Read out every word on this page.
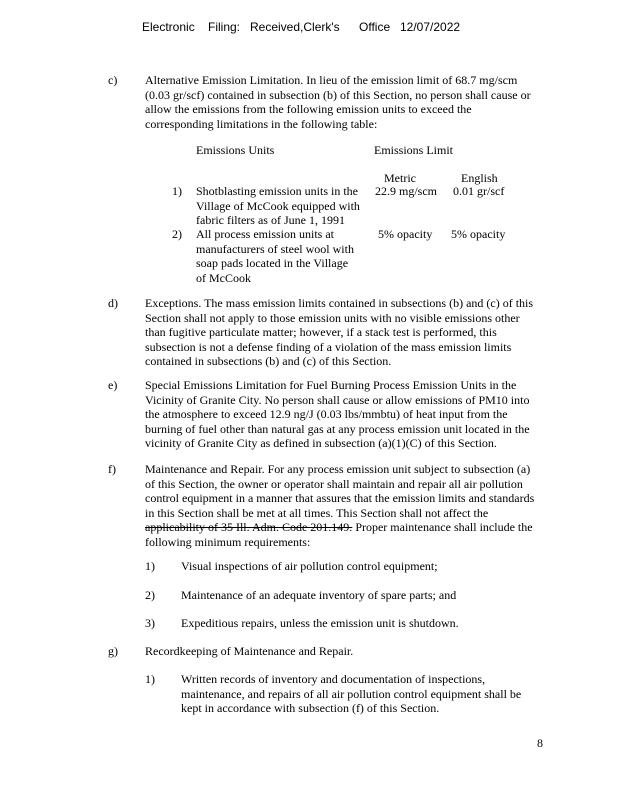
Electronic Filing: Received,Clerk's Office 12/07/2022
c) Alternative Emission Limitation. In lieu of the emission limit of 68.7 mg/scm
(0.03 gr/scf) contained in subsection (b) of this Section, no person shall cause or
allow the emissions from the following emission units to exceed the
corresponding limitations in the following table:
Emissions Units	Emissions Limit
Metric	English
1) Shotblasting emission units in the
Village of McCook equipped with
fabric filters as of June 1, 1991
22.9 mg/scm 0.01 gr/scf
2) All process emission units at
manufacturers of steel wool with
soap pads located in the Village
of McCook
5% opacity 5% opacity
d) Exceptions. The mass emission limits contained in subsections (b) and (c) of this
Section shall not apply to those emission units with no visible emissions other
than fugitive particulate matter; however, if a stack test is performed, this
subsection is not a defense finding of a violation of the mass emission limits
contained in subsections (b) and (c) of this Section.
e) Special Emissions Limitation for Fuel Burning Process Emission Units in the
Vicinity of Granite City. No person shall cause or allow emissions of PM10 into
the atmosphere to exceed 12.9 ng/J (0.03 lbs/mmbtu) of heat input from the
burning of fuel other than natural gas at any process emission unit located in the
vicinity of Granite City as defined in subsection (a)(1)(C) of this Section.
f) Maintenance and Repair. For any process emission unit subject to subsection (a)
of this Section, the owner or operator shall maintain and repair all air pollution
control equipment in a manner that assures that the emission limits and standards
in this Section shall be met at all times. This Section shall not affect the
applicability of 35 Ill. Adm. Code 201.149. Proper maintenance shall include the
following minimum requirements:
1) Visual inspections of air pollution control equipment;
2) Maintenance of an adequate inventory of spare parts; and
3) Expeditious repairs, unless the emission unit is shutdown.
g) Recordkeeping of Maintenance and Repair.
1) Written records of inventory and documentation of inspections,
maintenance, and repairs of all air pollution control equipment shall be
kept in accordance with subsection (f) of this Section.
8
